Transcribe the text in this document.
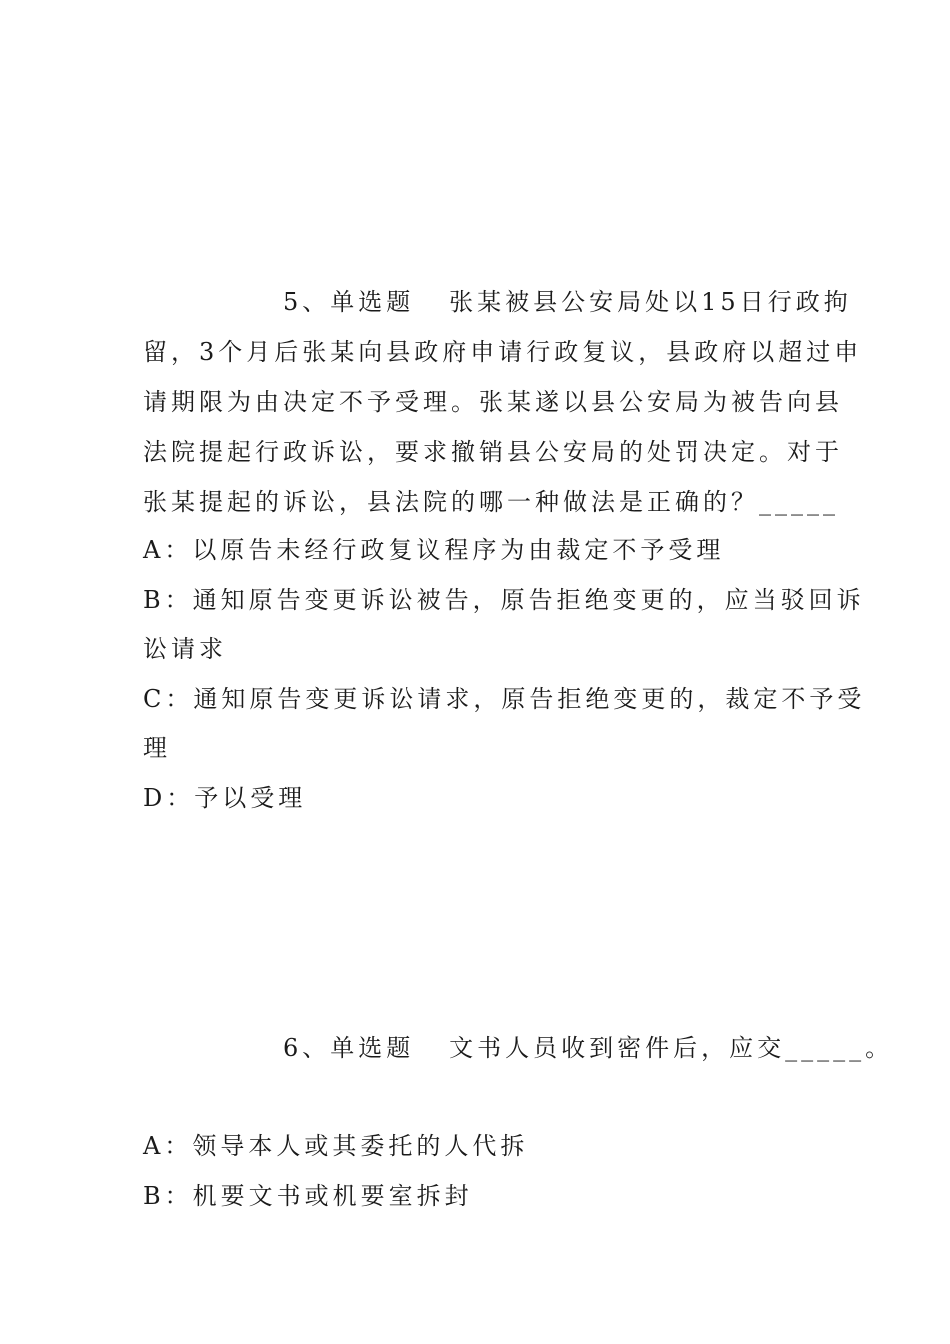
5、单选题   张某被县公安局处以15日行政拘
留，3个月后张某向县政府申请行政复议，县政府以超过申
请期限为由决定不予受理。张某遂以县公安局为被告向县
法院提起行政诉讼，要求撤销县公安局的处罚决定。对于
张某提起的诉讼，县法院的哪一种做法是正确的？_____
A：以原告未经行政复议程序为由裁定不予受理
B：通知原告变更诉讼被告，原告拒绝变更的，应当驳回诉
讼请求
C：通知原告变更诉讼请求，原告拒绝变更的，裁定不予受
理
D：予以受理
6、单选题   文书人员收到密件后，应交_____。
A：领导本人或其委托的人代拆
B：机要文书或机要室拆封
